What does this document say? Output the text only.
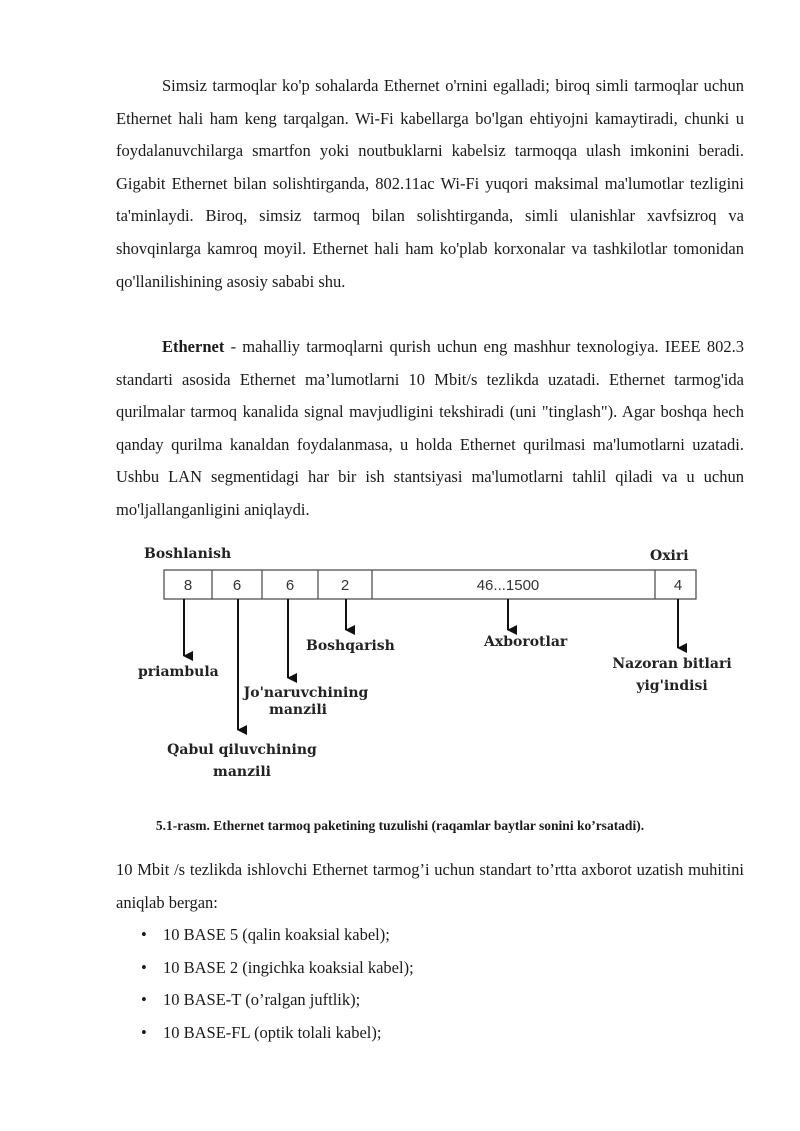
Simsiz tarmoqlar ko'p sohalarda Ethernet o'rnini egalladi; biroq simli tarmoqlar uchun Ethernet hali ham keng tarqalgan. Wi-Fi kabellarga bo'lgan ehtiyojni kamaytiradi, chunki u foydalanuvchilarga smartfon yoki noutbuklarni kabelsiz tarmoqqa ulash imkonini beradi. Gigabit Ethernet bilan solishtirganda, 802.11ac Wi-Fi yuqori maksimal ma'lumotlar tezligini ta'minlaydi. Biroq, simsiz tarmoq bilan solishtirganda, simli ulanishlar xavfsizroq va shovqinlarga kamroq moyil. Ethernet hali ham ko'plab korxonalar va tashkilotlar tomonidan qo'llanilishining asosiy sababi shu.

Ethernet - mahalliy tarmoqlarni qurish uchun eng mashhur texnologiya. IEEE 802.3 standarti asosida Ethernet ma’lumotlarni 10 Mbit/s tezlikda uzatadi. Ethernet tarmog'ida qurilmalar tarmoq kanalida signal mavjudligini tekshiradi (uni "tinglash"). Agar boshqa hech qanday qurilma kanaldan foydalanmasa, u holda Ethernet qurilmasi ma'lumotlarni uzatadi. Ushbu LAN segmentidagi har bir ish stantsiyasi ma'lumotlarni tahlil qiladi va u uchun mo'ljallanganligini aniqlaydi.

Boshlanish	Oxiri
8	6	6	2	46...1500	4
priambula
Qabul qiluvchining
manzili
Jo'naruvchining
manzili
Boshqarish	Axborotlar
Nazoran bitlari
yig'indisi
5.1-rasm. Ethernet tarmoq paketining tuzulishi (raqamlar baytlar sonini ko’rsatadi).

10 Mbit /s tezlikda ishlovchi Ethernet tarmog’i uchun standart to’rtta axborot uzatish muhitini aniqlab bergan:

• 10 BASE 5 (qalin koaksial kabel);
• 10 BASE 2 (ingichka koaksial kabel);
• 10 BASE-T (o’ralgan juftlik);
• 10 BASE-FL (optik tolali kabel);
